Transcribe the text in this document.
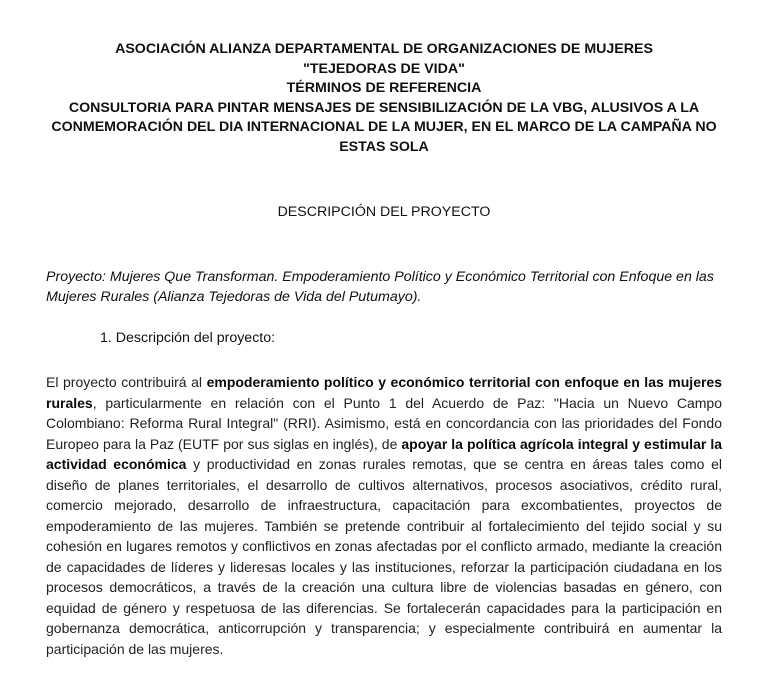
ASOCIACIÓN ALIANZA DEPARTAMENTAL DE ORGANIZACIONES DE MUJERES
"TEJEDORAS DE VIDA"
TÉRMINOS DE REFERENCIA
CONSULTORIA PARA PINTAR MENSAJES DE SENSIBILIZACIÓN DE LA VBG, ALUSIVOS A LA
CONMEMORACIÓN DEL DIA INTERNACIONAL DE LA MUJER, EN EL MARCO DE LA CAMPAÑA NO
ESTAS SOLA
DESCRIPCIÓN DEL PROYECTO
Proyecto: Mujeres Que Transforman. Empoderamiento Político y Económico Territorial con Enfoque en las Mujeres Rurales (Alianza Tejedoras de Vida del Putumayo).
1. Descripción del proyecto:
El proyecto contribuirá al empoderamiento político y económico territorial con enfoque en las mujeres rurales, particularmente en relación con el Punto 1 del Acuerdo de Paz: "Hacia un Nuevo Campo Colombiano: Reforma Rural Integral" (RRI). Asimismo, está en concordancia con las prioridades del Fondo Europeo para la Paz (EUTF por sus siglas en inglés), de apoyar la política agrícola integral y estimular la actividad económica y productividad en zonas rurales remotas, que se centra en áreas tales como el diseño de planes territoriales, el desarrollo de cultivos alternativos, procesos asociativos, crédito rural, comercio mejorado, desarrollo de infraestructura, capacitación para excombatientes, proyectos de empoderamiento de las mujeres. También se pretende contribuir al fortalecimiento del tejido social y su cohesión en lugares remotos y conflictivos en zonas afectadas por el conflicto armado, mediante la creación de capacidades de líderes y lideresas locales y las instituciones, reforzar la participación ciudadana en los procesos democráticos, a través de la creación una cultura libre de violencias basadas en género, con equidad de género y respetuosa de las diferencias. Se fortalecerán capacidades para la participación en gobernanza democrática, anticorrupción y transparencia; y especialmente contribuirá en aumentar la participación de las mujeres.
